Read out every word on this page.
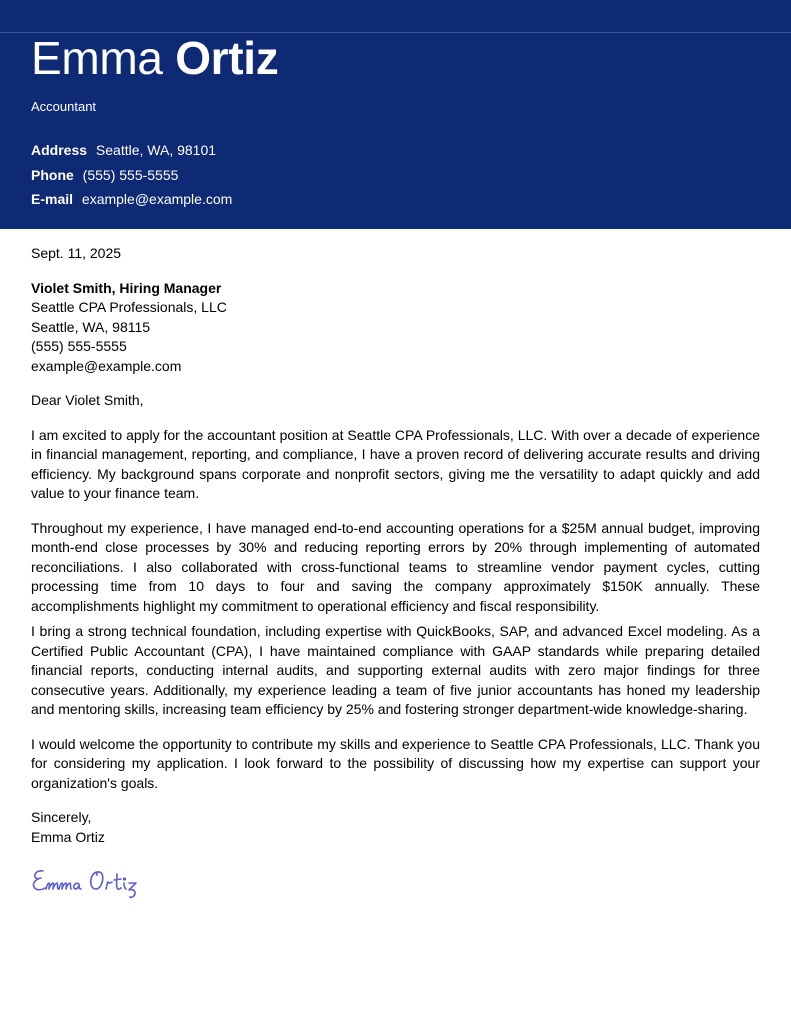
Emma Ortiz
Accountant
Address Seattle, WA, 98101
Phone (555) 555-5555
E-mail example@example.com

Sept. 11, 2025

Violet Smith, Hiring Manager

Seattle CPA Professionals, LLC

Seattle, WA, 98115

(555) 555-5555

example@example.com

Dear Violet Smith,

I am excited to apply for the accountant position at Seattle CPA Professionals, LLC. With over a decade of experience in financial management, reporting, and compliance, I have a proven record of delivering accurate results and driving efficiency. My background spans corporate and nonprofit sectors, giving me the versatility to adapt quickly and add value to your finance team.

Throughout my experience, I have managed end-to-end accounting operations for a $25M annual budget, improving month-end close processes by 30% and reducing reporting errors by 20% through implementing of automated reconciliations. I also collaborated with cross-functional teams to streamline vendor payment cycles, cutting processing time from 10 days to four and saving the company approximately $150K annually. These accomplishments highlight my commitment to operational efficiency and fiscal responsibility.

I bring a strong technical foundation, including expertise with QuickBooks, SAP, and advanced Excel modeling. As a Certified Public Accountant (CPA), I have maintained compliance with GAAP standards while preparing detailed financial reports, conducting internal audits, and supporting external audits with zero major findings for three consecutive years. Additionally, my experience leading a team of five junior accountants has honed my leadership and mentoring skills, increasing team efficiency by 25% and fostering stronger department-wide knowledge-sharing.

I would welcome the opportunity to contribute my skills and experience to Seattle CPA Professionals, LLC. Thank you for considering my application. I look forward to the possibility of discussing how my expertise can support your organization's goals.

Sincerely,

Emma Ortiz
